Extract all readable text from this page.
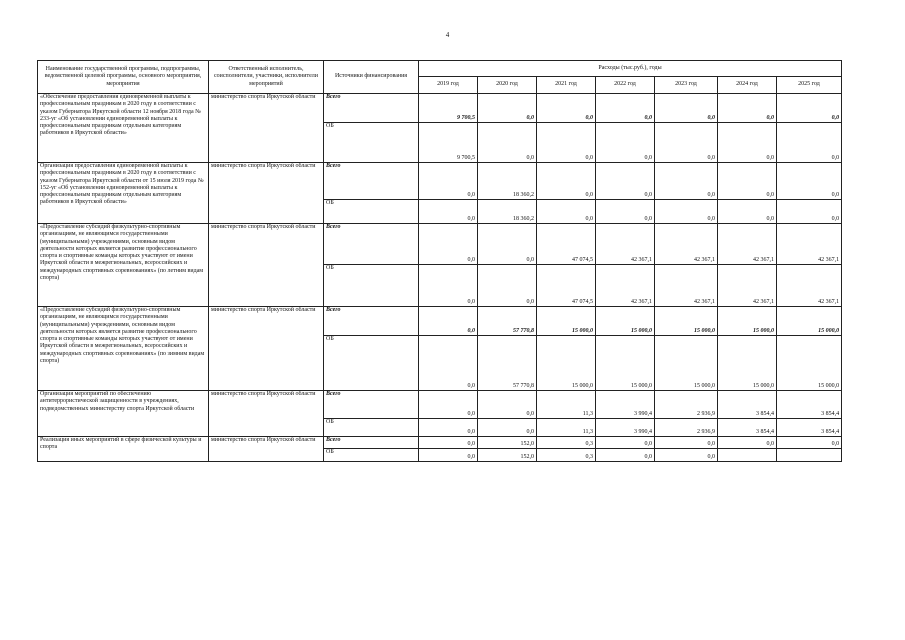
4
Наименование государственной программы, подпрограммы, ведомственной целевой программы, основного мероприятия, мероприятия	Ответственный исполнитель, соисполнители, участники, исполнители мероприятий	Источники финансирования	Расходы (тыс.руб.), годы						
			2019 год	2020 год	2021 год	2022 год	2023 год	2024 год	2025 год
«Обеспечение предоставления единовременной выплаты к профессиональным праздникам в 2020 году в соответствии с указом Губернатора Иркутской области 12 ноября 2018 года № 233-уг «Об установлении единовременной выплаты к профессиональным праздникам отдельным категориям работников в Иркутской области»	министерство спорта Иркутской области	Всего	9 700,5	0,0	0,0	0,0	0,0	0,0	0,0
		ОБ	9 700,5	0,0	0,0	0,0	0,0	0,0	0,0
Организация предоставления единовременной выплаты к профессиональным праздникам в 2020 году в соответствии с указом Губернатора Иркутской области от 15 июля 2019 года № 152-уг «Об установлении единовременной выплаты к профессиональным праздникам отдельным категориям работников в Иркутской области»	министерство спорта Иркутской области	Всего	0,0	18 360,2	0,0	0,0	0,0	0,0	0,0
		ОБ	0,0	18 360,2	0,0	0,0	0,0	0,0	0,0
«Предоставление субсидий физкультурно-спортивным организациям, не являющимся государственными (муниципальными) учреждениями, основным видом деятельности которых является развитие профессионального спорта и спортивные команды которых участвуют от имени Иркутской области в межрегиональных, всероссийских и международных спортивных соревнованиях» (по летним видам спорта)	министерство спорта Иркутской области	Всего	0,0	0,0	47 074,5	42 367,1	42 367,1	42 367,1	42 367,1
		ОБ	0,0	0,0	47 074,5	42 367,1	42 367,1	42 367,1	42 367,1
«Предоставление субсидий физкультурно-спортивным организациям, не являющимся государственными (муниципальными) учреждениями, основным видом деятельности которых является развитие профессионального спорта и спортивные команды которых участвуют от имени Иркутской области в межрегиональных, всероссийских и международных спортивных соревнованиях» (по зимним видам спорта)	министерство спорта Иркутской области	Всего	0,0	57 770,8	15 000,0	15 000,0	15 000,0	15 000,0	15 000,0
		ОБ	0,0	57 770,8	15 000,0	15 000,0	15 000,0	15 000,0	15 000,0
Организация мероприятий по обеспечению антитеррористической защищенности в учреждениях, подведомственных министерству спорта Иркутской области	министерство спорта Иркутской области	Всего	0,0	0,0	11,3	3 990,4	2 936,9	3 854,4	3 854,4
		ОБ	0,0	0,0	11,3	3 990,4	2 936,9	3 854,4	3 854,4
Реализация иных мероприятий в сфере физической культуры и спорта	министерство спорта Иркутской области	Всего	0,0	152,0	0,3	0,0	0,0	0,0	0,0
		ОБ	0,0	152,0	0,3	0,0	0,0		
